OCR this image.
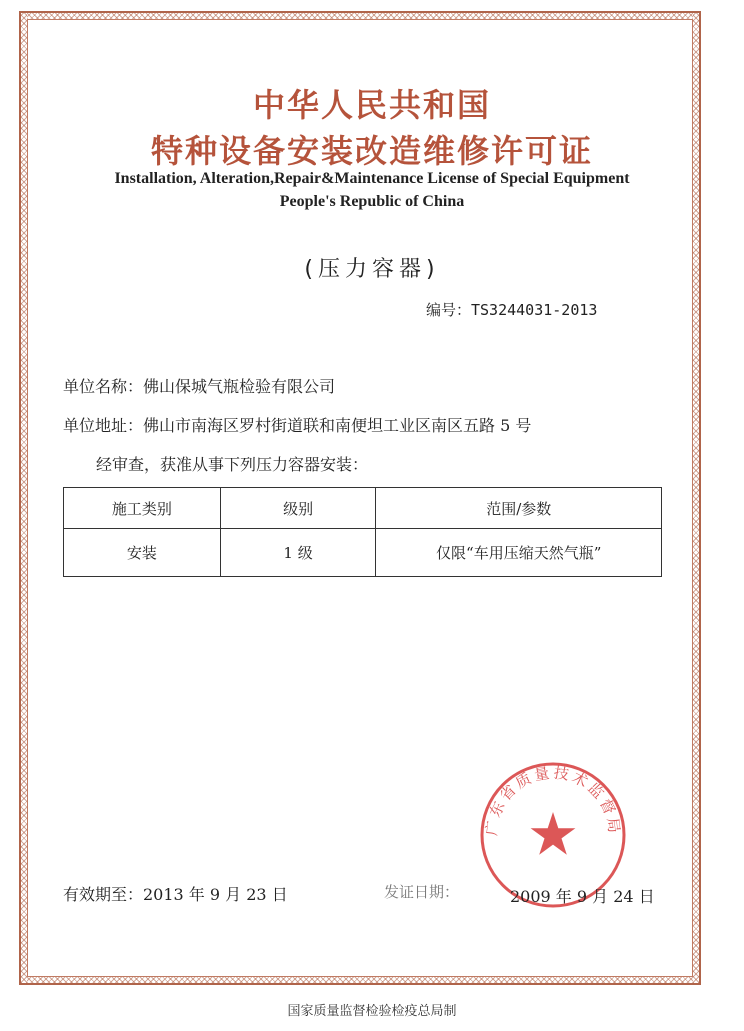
中华人民共和国
特种设备安装改造维修许可证

Installation, Alteration,Repair&Maintenance License of Special Equipment

People's Republic of China

(压力容器)
编号：TS3244031-2013
单位名称：佛山保城气瓶检验有限公司
单位地址：佛山市南海区罗村街道联和南便坦工业区南区五路 5 号
经审查，获准从事下列压力容器安装：
施工类别	级别	范围/参数
安装	1 级	仅限“车用压缩天然气瓶”
广东省质量技术监督局
有效期至：2013 年 9 月 23 日	发证日期：	2009 年 9 月 24 日
国家质量监督检验检疫总局制
